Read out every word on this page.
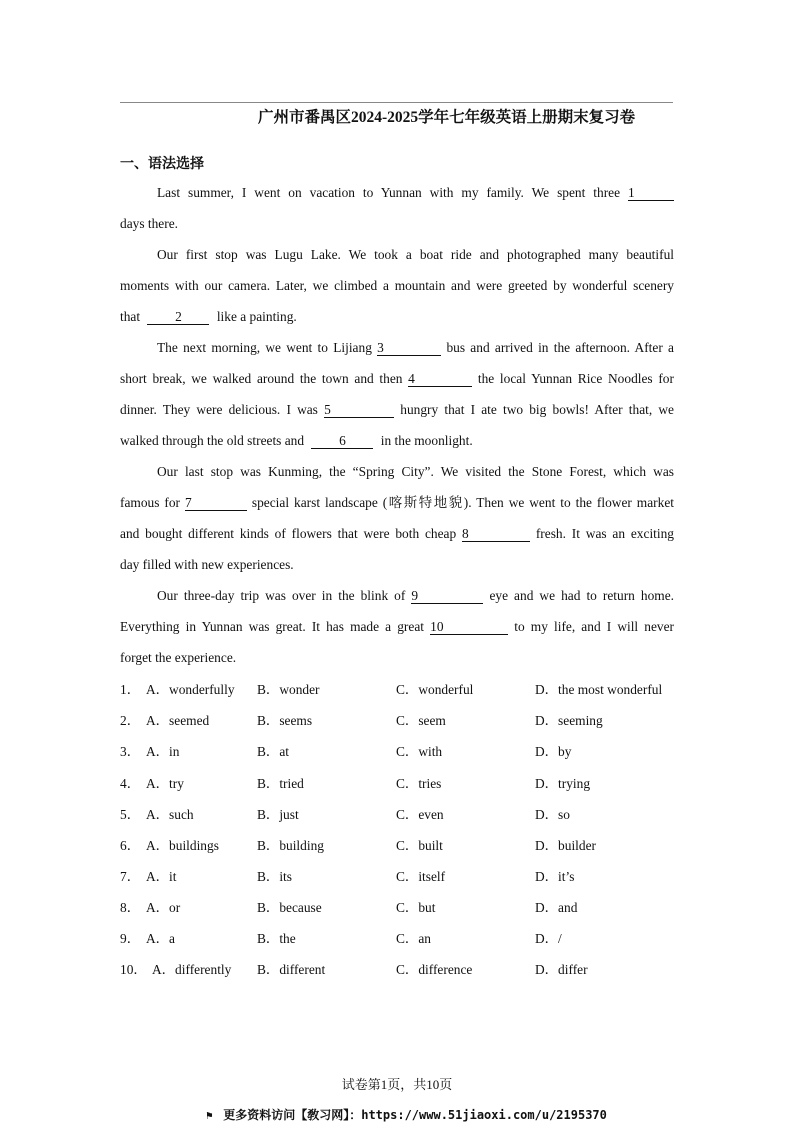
广州市番禺区2024-2025学年七年级英语上册期末复习卷
一、语法选择
Last summer, I went on vacation to Yunnan with my family. We spent three 1
days there.
Our first stop was Lugu Lake. We took a boat ride and photographed many beautiful
moments with our camera. Later, we climbed a mountain and were greeted by wonderful scenery
that	2	like a painting.
The next morning, we went to Lijiang 3	bus and arrived in the afternoon. After a
short break, we walked around the town and then 4	the local Yunnan Rice Noodles for
dinner. They were delicious. I was 5	hungry that I ate two big bowls! After that, we
walked through the old streets and	6	in the moonlight.
Our last stop was Kunming, the “Spring City”. We visited the Stone Forest, which was
famous for 7	special karst landscape (喀斯特地貌). Then we went to the flower market
and bought different kinds of flowers that were both cheap 8	fresh. It was an exciting
day filled with new experiences.
Our three-day trip was over in the blink of 9	eye and we had to return home.
Everything in Yunnan was great. It has made a great 10	to my life, and I will never
forget the experience.
1． A．wonderfully B．wonder	C．wonderful	D．the most wonderful
2． A．seemed	B．seems	C．seem	D．seeming
3． A．in	B．at	C．with	D．by
4． A．try	B．tried	C．tries	D．trying
5． A．such	B．just	C．even	D．so
6． A．buildings	B．building	C．built	D．builder
7． A．it	B．its	C．itself	D．it’s
8． A．or	B．because	C．but	D．and
9． A．a	B．the	C．an	D．/
10． A．differently B．different	C．difference	D．differ
试卷第1页，共10页
⚑ 更多资料访问【敎习网】：https://www.51jiaoxi.com/u/2195370
